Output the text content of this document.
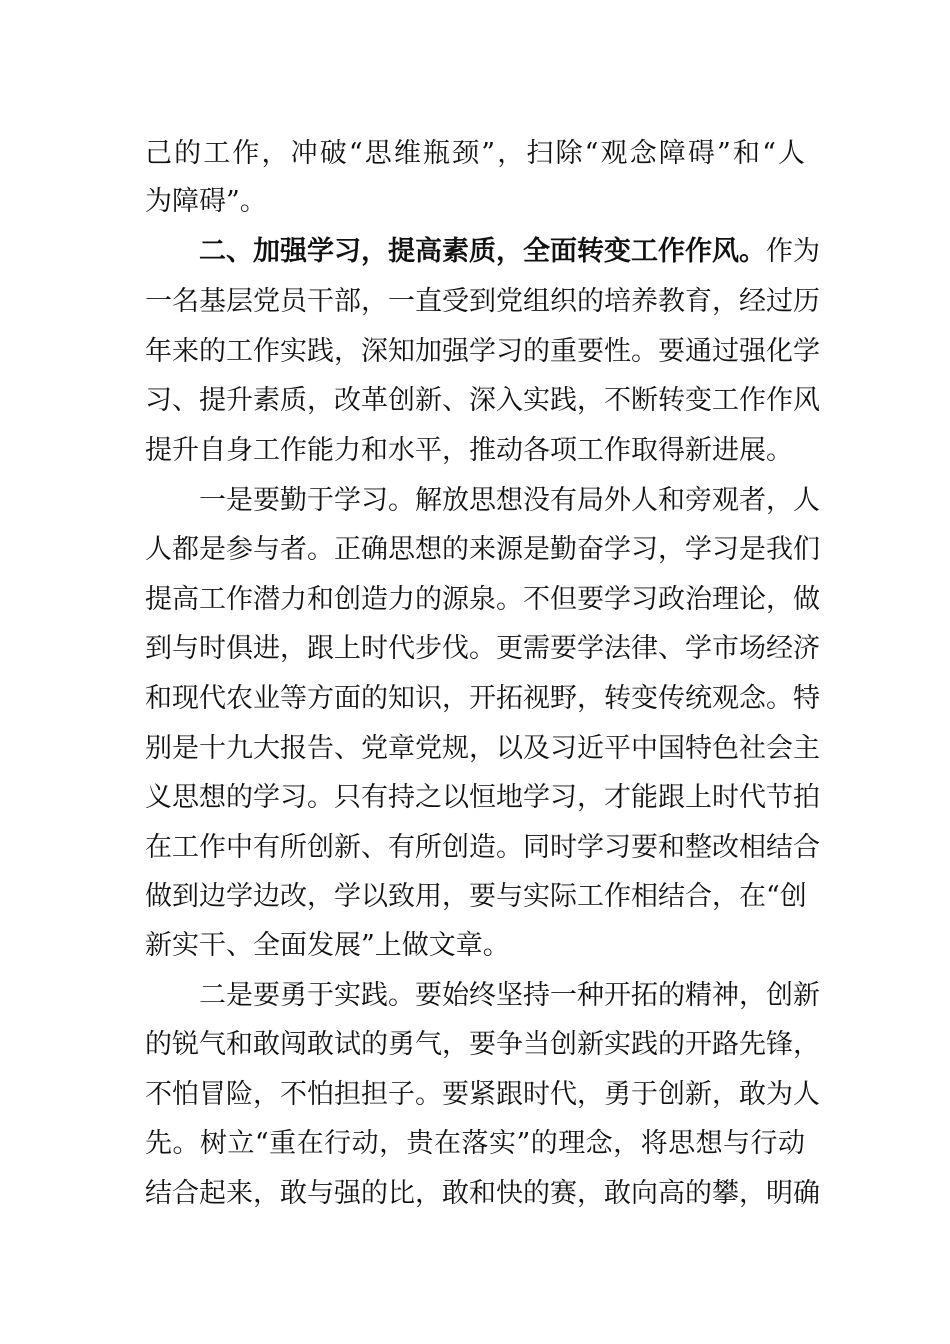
己的工作，冲破“思维瓶颈”，扫除“观念障碍”和“人
为障碍”。
二、加强学习，提高素质，全面转变工作作风。作为
一名基层党员干部，一直受到党组织的培养教育，经过历
年来的工作实践，深知加强学习的重要性。要通过强化学
习、提升素质，改革创新、深入实践，不断转变工作作风
提升自身工作能力和水平，推动各项工作取得新进展。
一是要勤于学习。解放思想没有局外人和旁观者，人
人都是参与者。正确思想的来源是勤奋学习，学习是我们
提高工作潜力和创造力的源泉。不但要学习政治理论，做
到与时俱进，跟上时代步伐。更需要学法律、学市场经济
和现代农业等方面的知识，开拓视野，转变传统观念。特
别是十九大报告、党章党规，以及习近平中国特色社会主
义思想的学习。只有持之以恒地学习，才能跟上时代节拍
在工作中有所创新、有所创造。同时学习要和整改相结合
做到边学边改，学以致用，要与实际工作相结合，在“创
新实干、全面发展”上做文章。
二是要勇于实践。要始终坚持一种开拓的精神，创新
的锐气和敢闯敢试的勇气，要争当创新实践的开路先锋，
不怕冒险，不怕担担子。要紧跟时代，勇于创新，敢为人
先。树立“重在行动，贵在落实”的理念，将思想与行动
结合起来，敢与强的比，敢和快的赛，敢向高的攀，明确
